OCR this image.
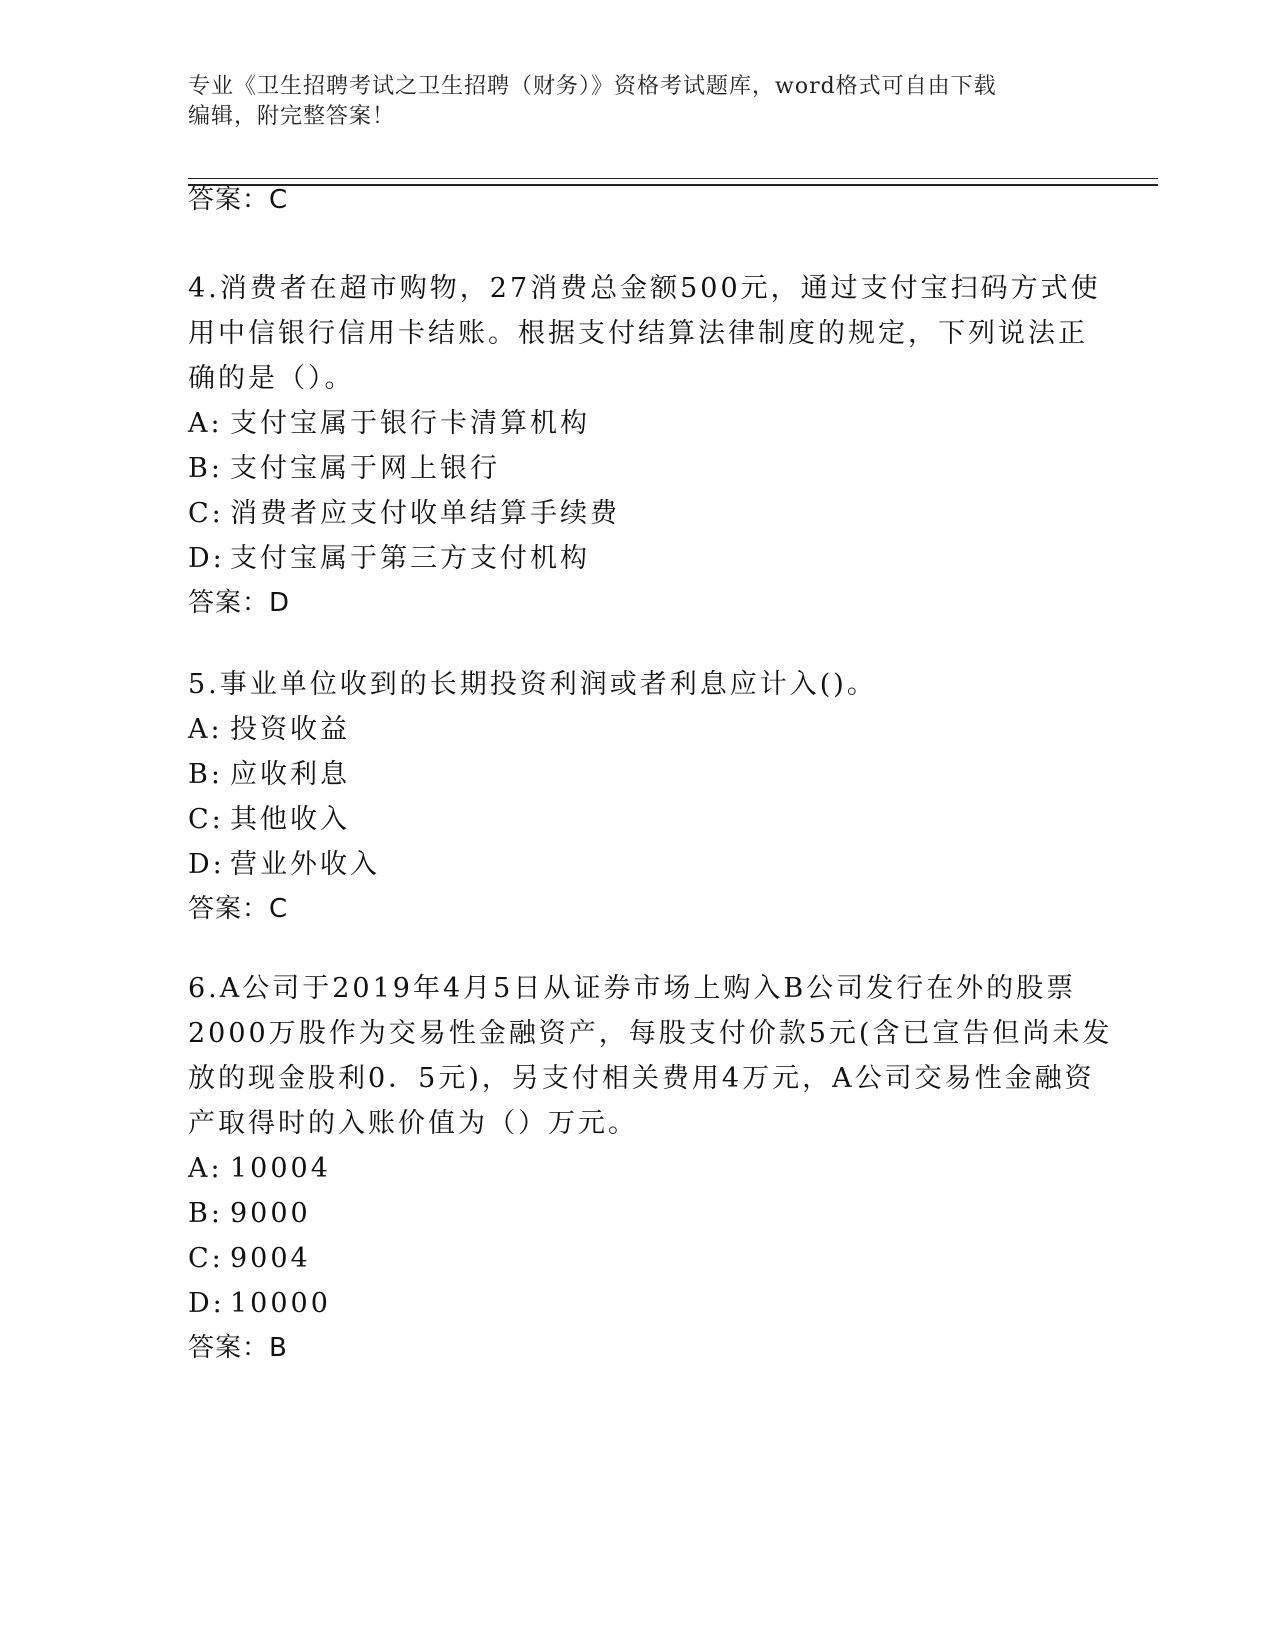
专业《卫生招聘考试之卫生招聘（财务）》资格考试题库，word格式可自由下载
编辑，附完整答案！
答案：C
4.消费者在超市购物，27消费总金额500元，通过支付宝扫码方式使
用中信银行信用卡结账。根据支付结算法律制度的规定，下列说法正
确的是（）。
A: 支付宝属于银行卡清算机构
B: 支付宝属于网上银行
C: 消费者应支付收单结算手续费
D: 支付宝属于第三方支付机构
答案：D
5.事业单位收到的长期投资利润或者利息应计入()。
A: 投资收益
B: 应收利息
C: 其他收入
D: 营业外收入
答案：C
6.A公司于2019年4月5日从证券市场上购入B公司发行在外的股票
2000万股作为交易性金融资产，每股支付价款5元(含已宣告但尚未发
放的现金股利0．5元)，另支付相关费用4万元，A公司交易性金融资
产取得时的入账价值为（）万元。
A: 10004
B: 9000
C: 9004
D: 10000
答案：B
